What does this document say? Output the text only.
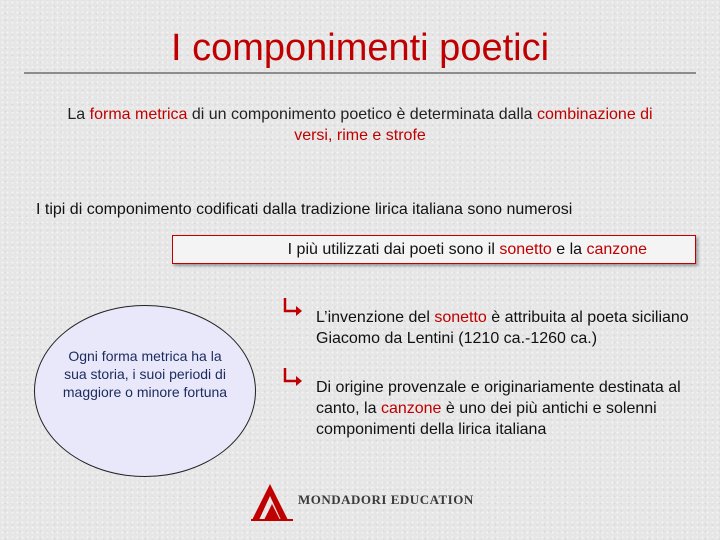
I componimenti poetici
La forma metrica di un componimento poetico è determinata dalla combinazione di versi, rime e strofe
I tipi di componimento codificati dalla tradizione lirica italiana sono numerosi
I più utilizzati dai poeti sono il sonetto e la canzone
L’invenzione del sonetto è attribuita al poeta siciliano Giacomo da Lentini (1210 ca.-1260 ca.)
Di origine provenzale e originariamente destinata al canto, la canzone è uno dei più antichi e solenni componimenti della lirica italiana
Ogni forma metrica ha la sua storia, i suoi periodi di maggiore o minore fortuna
MONDADORI EDUCATION
